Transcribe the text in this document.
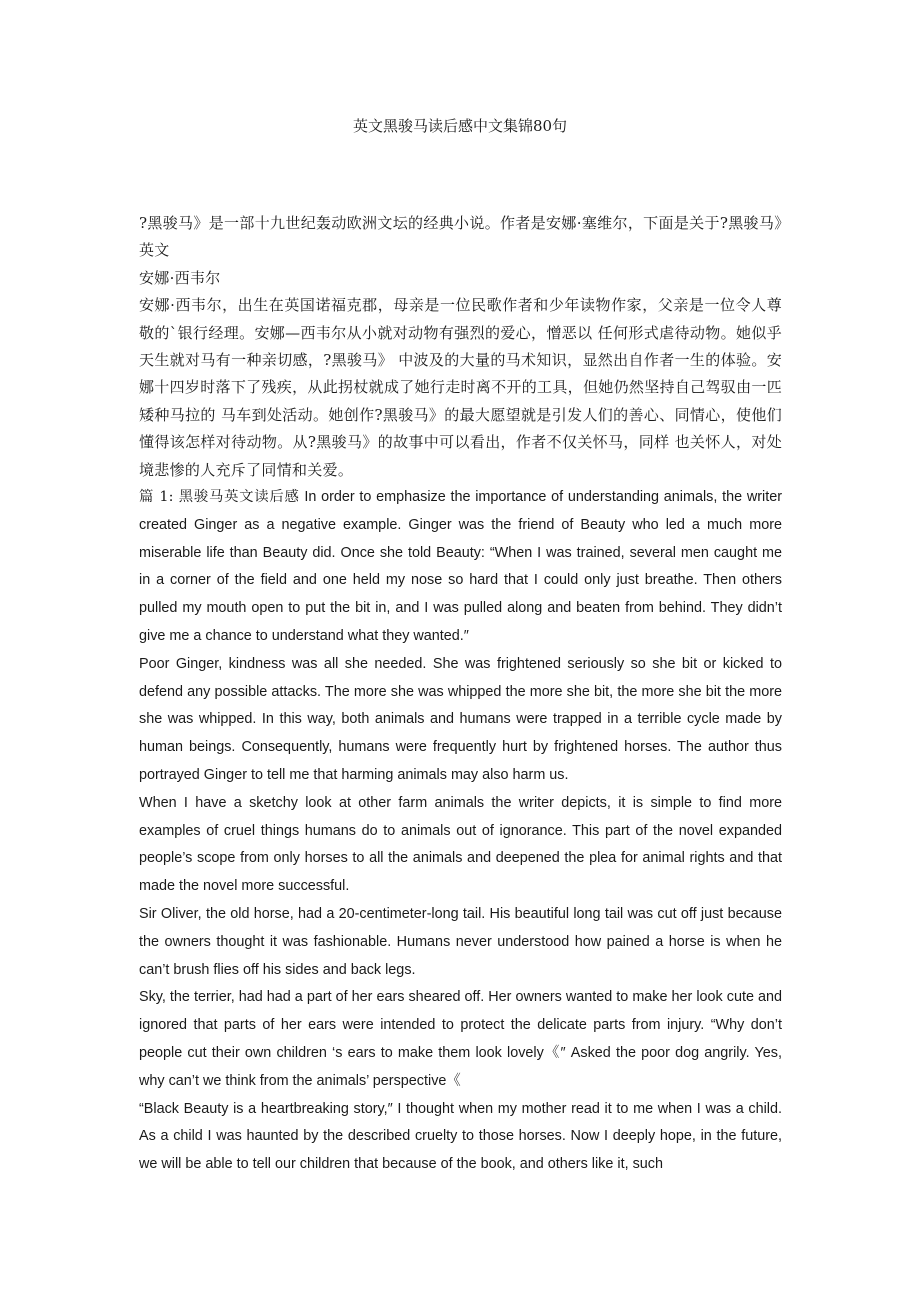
英文黑骏马读后感中文集锦80句

?黑骏马》是一部十九世纪轰动欧洲文坛的经典小说。作者是安娜·塞维尔，下面是关于?黑骏马》英文

安娜·西韦尔

安娜·西韦尔，出生在英国诺福克郡，母亲是一位民歌作者和少年读物作家，父亲是一位令人尊敬的`银行经理。安娜—西韦尔从小就对动物有强烈的爱心，憎恶以 任何形式虐待动物。她似乎天生就对马有一种亲切感，?黑骏马》 中波及的大量的马术知识，显然出自作者一生的体验。安娜十四岁时落下了残疾，从此拐杖就成了她行走时离不开的工具，但她仍然坚持自己驾驭由一匹矮种马拉的 马车到处活动。她创作?黑骏马》的最大愿望就是引发人们的善心、同情心，使他们懂得该怎样对待动物。从?黑骏马》的故事中可以看出，作者不仅关怀马，同样 也关怀人，对处境悲惨的人充斥了同情和关爱。

篇 1: 黑骏马英文读后感 In order to emphasize the importance of understanding animals, the writer created Ginger as a negative example. Ginger was the friend of Beauty who led a much more miserable life than Beauty did. Once she told Beauty: “When I was trained, several men caught me in a corner of the field and one held my nose so hard that I could only just breathe. Then others pulled my mouth open to put the bit in, and I was pulled along and beaten from behind. They didn’t give me a chance to understand what they wanted.″

Poor Ginger, kindness was all she needed. She was frightened seriously so she bit or kicked to defend any possible attacks. The more she was whipped the more she bit, the more she bit the more she was whipped. In this way, both animals and humans were trapped in a terrible cycle made by human beings. Consequently, humans were frequently hurt by frightened horses. The author thus portrayed Ginger to tell me that harming animals may also harm us.

When I have a sketchy look at other farm animals the writer depicts, it is simple to find more examples of cruel things humans do to animals out of ignorance. This part of the novel expanded people’s scope from only horses to all the animals and deepened the plea for animal rights and that made the novel more successful.

Sir Oliver, the old horse, had a 20-centimeter-long tail. His beautiful long tail was cut off just because the owners thought it was fashionable. Humans never understood how pained a horse is when he can’t brush flies off his sides and back legs.

Sky, the terrier, had had a part of her ears sheared off. Her owners wanted to make her look cute and ignored that parts of her ears were intended to protect the delicate parts from injury. “Why don’t people cut their own children ‘s ears to make them look lovely《″ Asked the poor dog angrily. Yes, why can’t we think from the animals’ perspective《

“Black Beauty is a heartbreaking story,″ I thought when my mother read it to me when I was a child. As a child I was haunted by the described cruelty to those horses. Now I deeply hope, in the future, we will be able to tell our children that because of the book, and others like it, such
